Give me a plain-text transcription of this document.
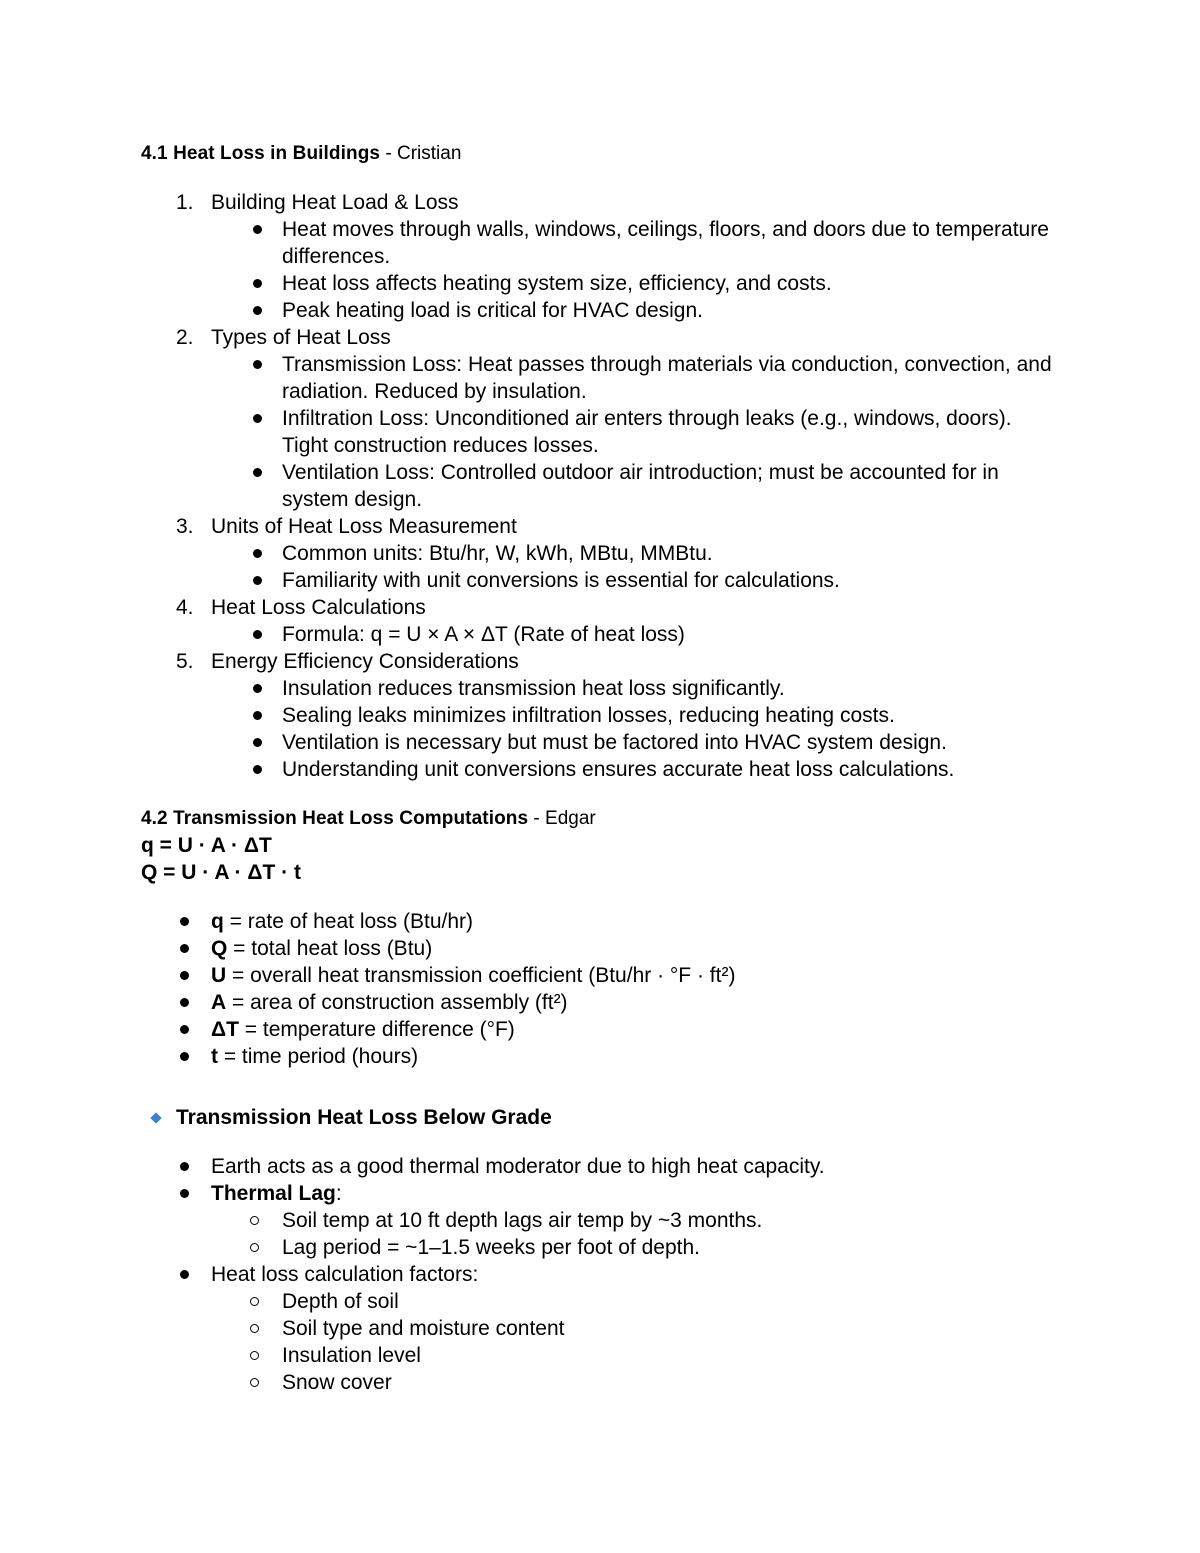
4.1 Heat Loss in Buildings - Cristian

1. Building Heat Load & Loss
Heat moves through walls, windows, ceilings, floors, and doors due to temperature differences.
Heat loss affects heating system size, efficiency, and costs.
Peak heating load is critical for HVAC design.
2. Types of Heat Loss
Transmission Loss: Heat passes through materials via conduction, convection, and radiation. Reduced by insulation.
Infiltration Loss: Unconditioned air enters through leaks (e.g., windows, doors). Tight construction reduces losses.
Ventilation Loss: Controlled outdoor air introduction; must be accounted for in system design.
3. Units of Heat Loss Measurement
Common units: Btu/hr, W, kWh, MBtu, MMBtu.
Familiarity with unit conversions is essential for calculations.
4. Heat Loss Calculations
Formula: q = U × A × ΔT (Rate of heat loss)
5. Energy Efficiency Considerations
Insulation reduces transmission heat loss significantly.
Sealing leaks minimizes infiltration losses, reducing heating costs.
Ventilation is necessary but must be factored into HVAC system design.
Understanding unit conversions ensures accurate heat loss calculations.

4.2 Transmission Heat Loss Computations - Edgar

q = U · A · ΔT
Q = U · A · ΔT · t
q = rate of heat loss (Btu/hr)
Q = total heat loss (Btu)
U = overall heat transmission coefficient (Btu/hr · °F · ft²)
A = area of construction assembly (ft²)
ΔT = temperature difference (°F)
t = time period (hours)
Transmission Heat Loss Below Grade
Earth acts as a good thermal moderator due to high heat capacity.
Thermal Lag:
Soil temp at 10 ft depth lags air temp by ~3 months.
Lag period = ~1–1.5 weeks per foot of depth.
Heat loss calculation factors:
Depth of soil
Soil type and moisture content
Insulation level
Snow cover
